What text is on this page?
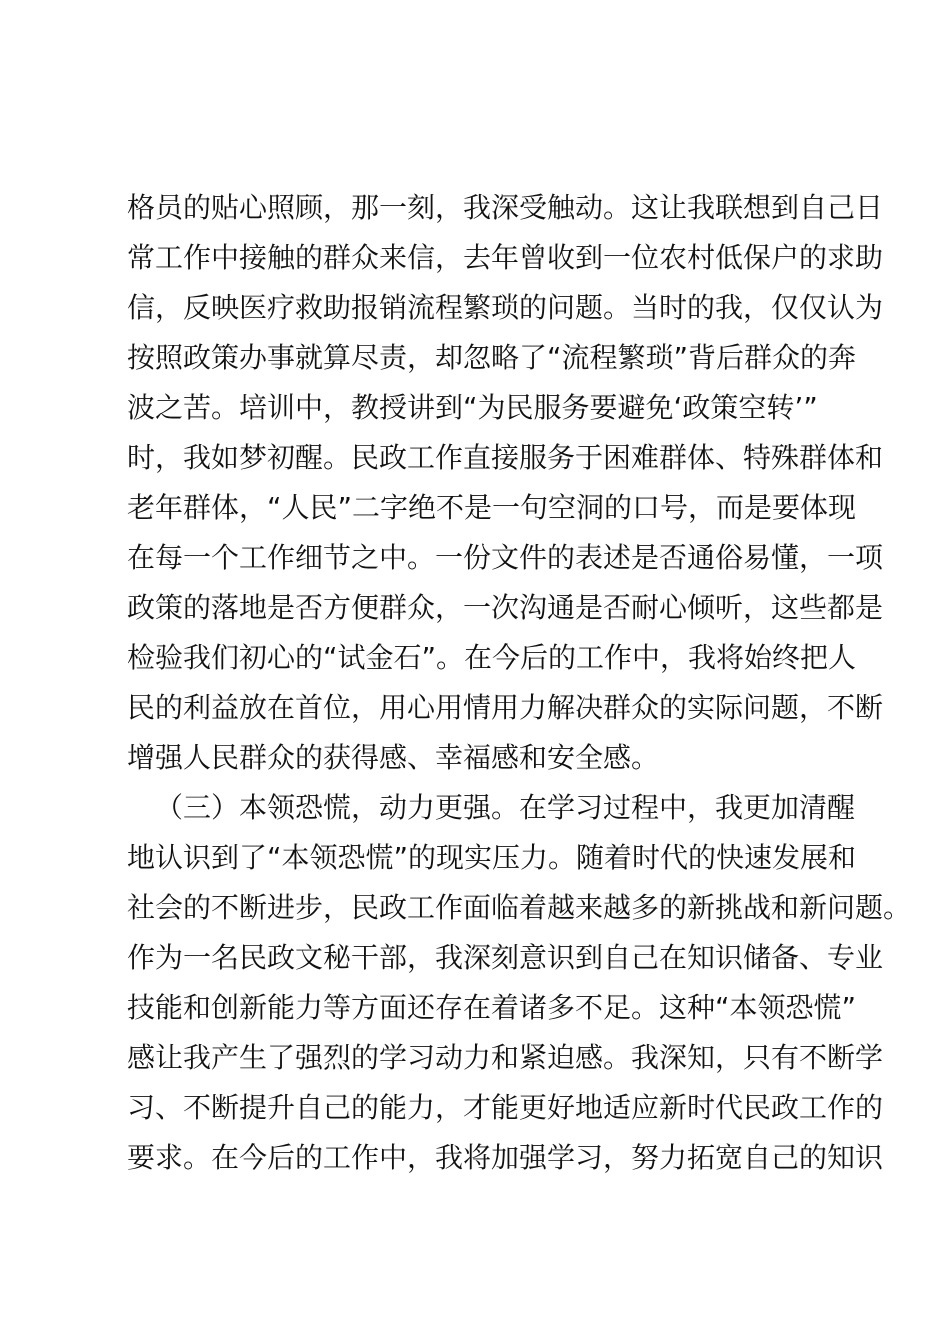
格员的贴心照顾，那一刻，我深受触动。这让我联想到自己日
常工作中接触的群众来信，去年曾收到一位农村低保户的求助
信，反映医疗救助报销流程繁琐的问题。当时的我，仅仅认为
按照政策办事就算尽责，却忽略了“流程繁琐”背后群众的奔
波之苦。培训中，教授讲到“为民服务要避免‘政策空转’”
时，我如梦初醒。民政工作直接服务于困难群体、特殊群体和
老年群体，“人民”二字绝不是一句空洞的口号，而是要体现
在每一个工作细节之中。一份文件的表述是否通俗易懂，一项
政策的落地是否方便群众，一次沟通是否耐心倾听，这些都是
检验我们初心的“试金石”。在今后的工作中，我将始终把人
民的利益放在首位，用心用情用力解决群众的实际问题，不断
增强人民群众的获得感、幸福感和安全感。
（三）本领恐慌，动力更强。在学习过程中，我更加清醒
地认识到了“本领恐慌”的现实压力。随着时代的快速发展和
社会的不断进步，民政工作面临着越来越多的新挑战和新问题。
作为一名民政文秘干部，我深刻意识到自己在知识储备、专业
技能和创新能力等方面还存在着诸多不足。这种“本领恐慌”
感让我产生了强烈的学习动力和紧迫感。我深知，只有不断学
习、不断提升自己的能力，才能更好地适应新时代民政工作的
要求。在今后的工作中，我将加强学习，努力拓宽自己的知识
